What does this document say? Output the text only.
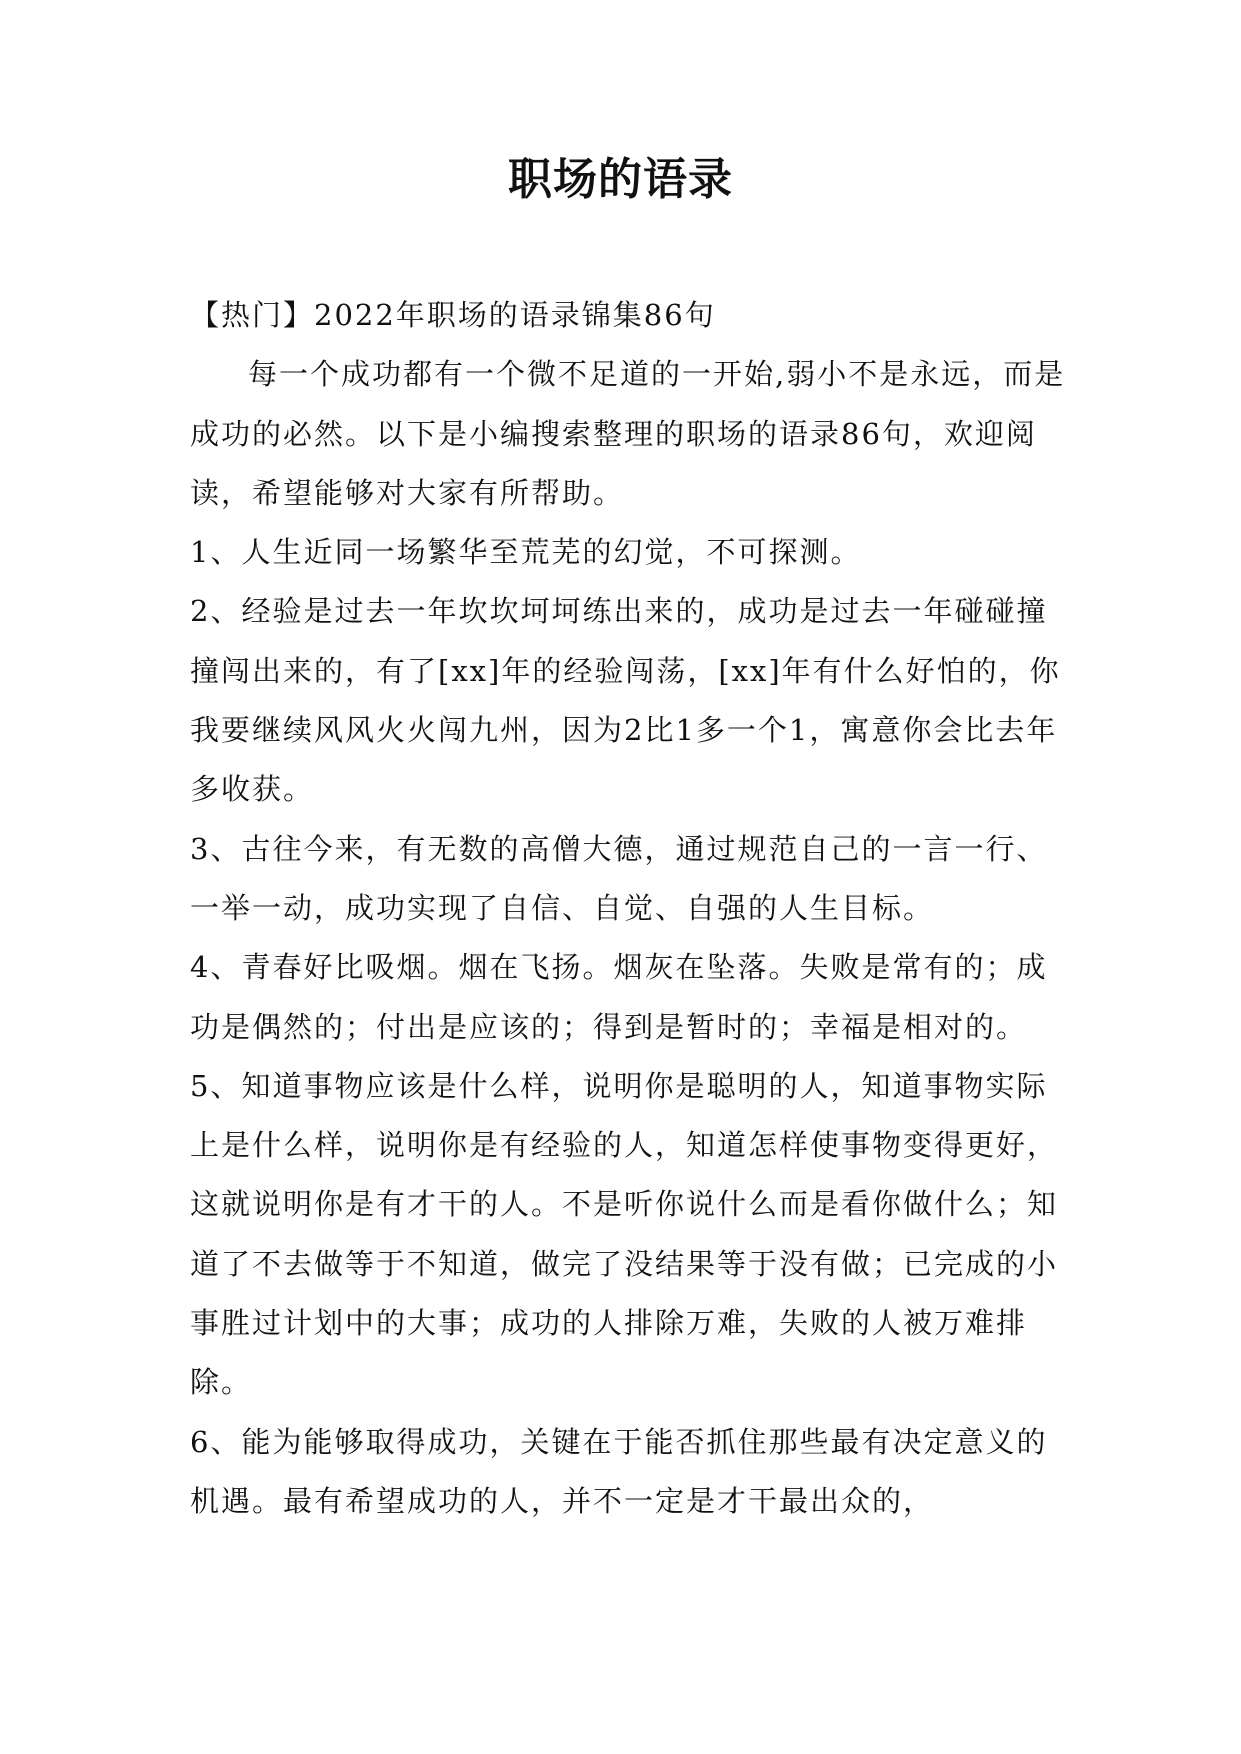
职场的语录

【热门】2022年职场的语录锦集86句

每一个成功都有一个微不足道的一开始,弱小不是永远，而是成功的必然。以下是小编搜索整理的职场的语录86句，欢迎阅读，希望能够对大家有所帮助。

1、人生近同一场繁华至荒芜的幻觉，不可探测。

2、经验是过去一年坎坎坷坷练出来的，成功是过去一年碰碰撞撞闯出来的，有了[xx]年的经验闯荡，[xx]年有什么好怕的，你我要继续风风火火闯九州，因为2比1多一个1，寓意你会比去年多收获。

3、古往今来，有无数的高僧大德，通过规范自己的一言一行、一举一动，成功实现了自信、自觉、自强的人生目标。

4、青春好比吸烟。烟在飞扬。烟灰在坠落。失败是常有的；成功是偶然的；付出是应该的；得到是暂时的；幸福是相对的。

5、知道事物应该是什么样，说明你是聪明的人，知道事物实际上是什么样，说明你是有经验的人，知道怎样使事物变得更好，这就说明你是有才干的人。不是听你说什么而是看你做什么；知道了不去做等于不知道，做完了没结果等于没有做；已完成的小事胜过计划中的大事；成功的人排除万难，失败的人被万难排除。

6、能为能够取得成功，关键在于能否抓住那些最有决定意义的机遇。最有希望成功的人，并不一定是才干最出众的，
